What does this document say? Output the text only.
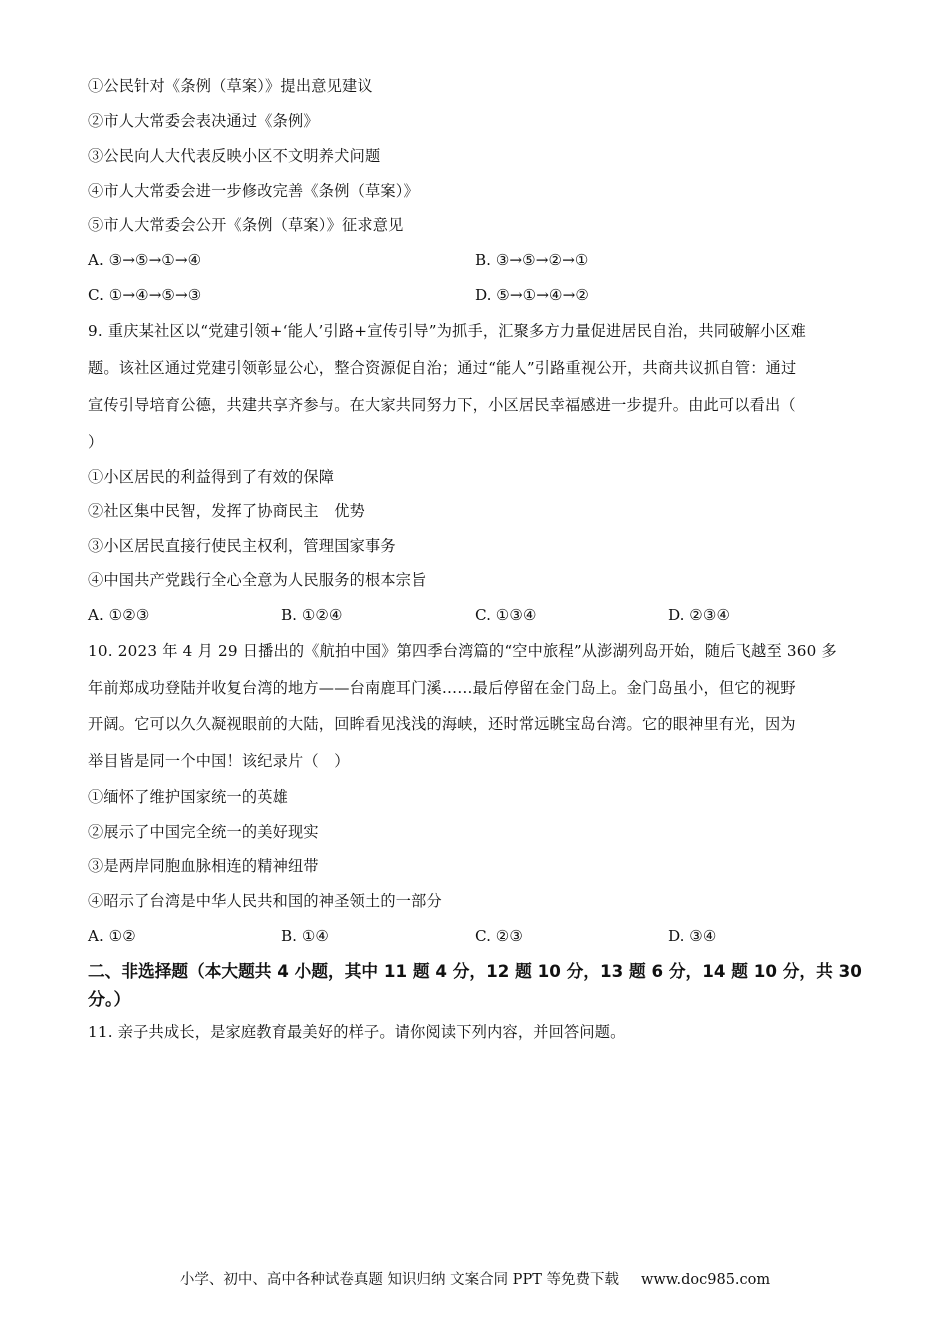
①公民针对《条例（草案）》提出意见建议
②市人大常委会表决通过《条例》
③公民向人大代表反映小区不文明养犬问题
④市人大常委会进一步修改完善《条例（草案）》
⑤市人大常委会公开《条例（草案）》征求意见
A. ③→⑤→①→④	B. ③→⑤→②→①
C. ①→④→⑤→③	D. ⑤→①→④→②
9. 重庆某社区以“党建引领+‘能人’引路+宣传引导”为抓手，汇聚多方力量促进居民自治，共同破解小区难
题。该社区通过党建引领彰显公心，整合资源促自治；通过“能人”引路重视公开，共商共议抓自管：通过
宣传引导培育公德，共建共享齐参与。在大家共同努力下，小区居民幸福感进一步提升。由此可以看出（
）
①小区居民的利益得到了有效的保障
②社区集中民智，发挥了协商民主　优势
③小区居民直接行使民主权利，管理国家事务
④中国共产党践行全心全意为人民服务的根本宗旨
A. ①②③	B. ①②④	C. ①③④	D. ②③④
10. 2023 年 4 月 29 日播出的《航拍中国》第四季台湾篇的“空中旅程”从澎湖列岛开始，随后飞越至 360 多
年前郑成功登陆并收复台湾的地方——台南鹿耳门溪……最后停留在金门岛上。金门岛虽小，但它的视野
开阔。它可以久久凝视眼前的大陆，回眸看见浅浅的海峡，还时常远眺宝岛台湾。它的眼神里有光，因为
举目皆是同一个中国！该纪录片（　）
①缅怀了维护国家统一的英雄
②展示了中国完全统一的美好现实
③是两岸同胞血脉相连的精神纽带
④昭示了台湾是中华人民共和国的神圣领土的一部分
A. ①②	B. ①④	C. ②③	D. ③④
二、非选择题（本大题共 4 小题，其中 11 题 4 分，12 题 10 分，13 题 6 分，14 题 10 分，共 30
分。）
11. 亲子共成长，是家庭教育最美好的样子。请你阅读下列内容，并回答问题。
小学、初中、高中各种试卷真题 知识归纳 文案合同 PPT 等免费下载 www.doc985.com
